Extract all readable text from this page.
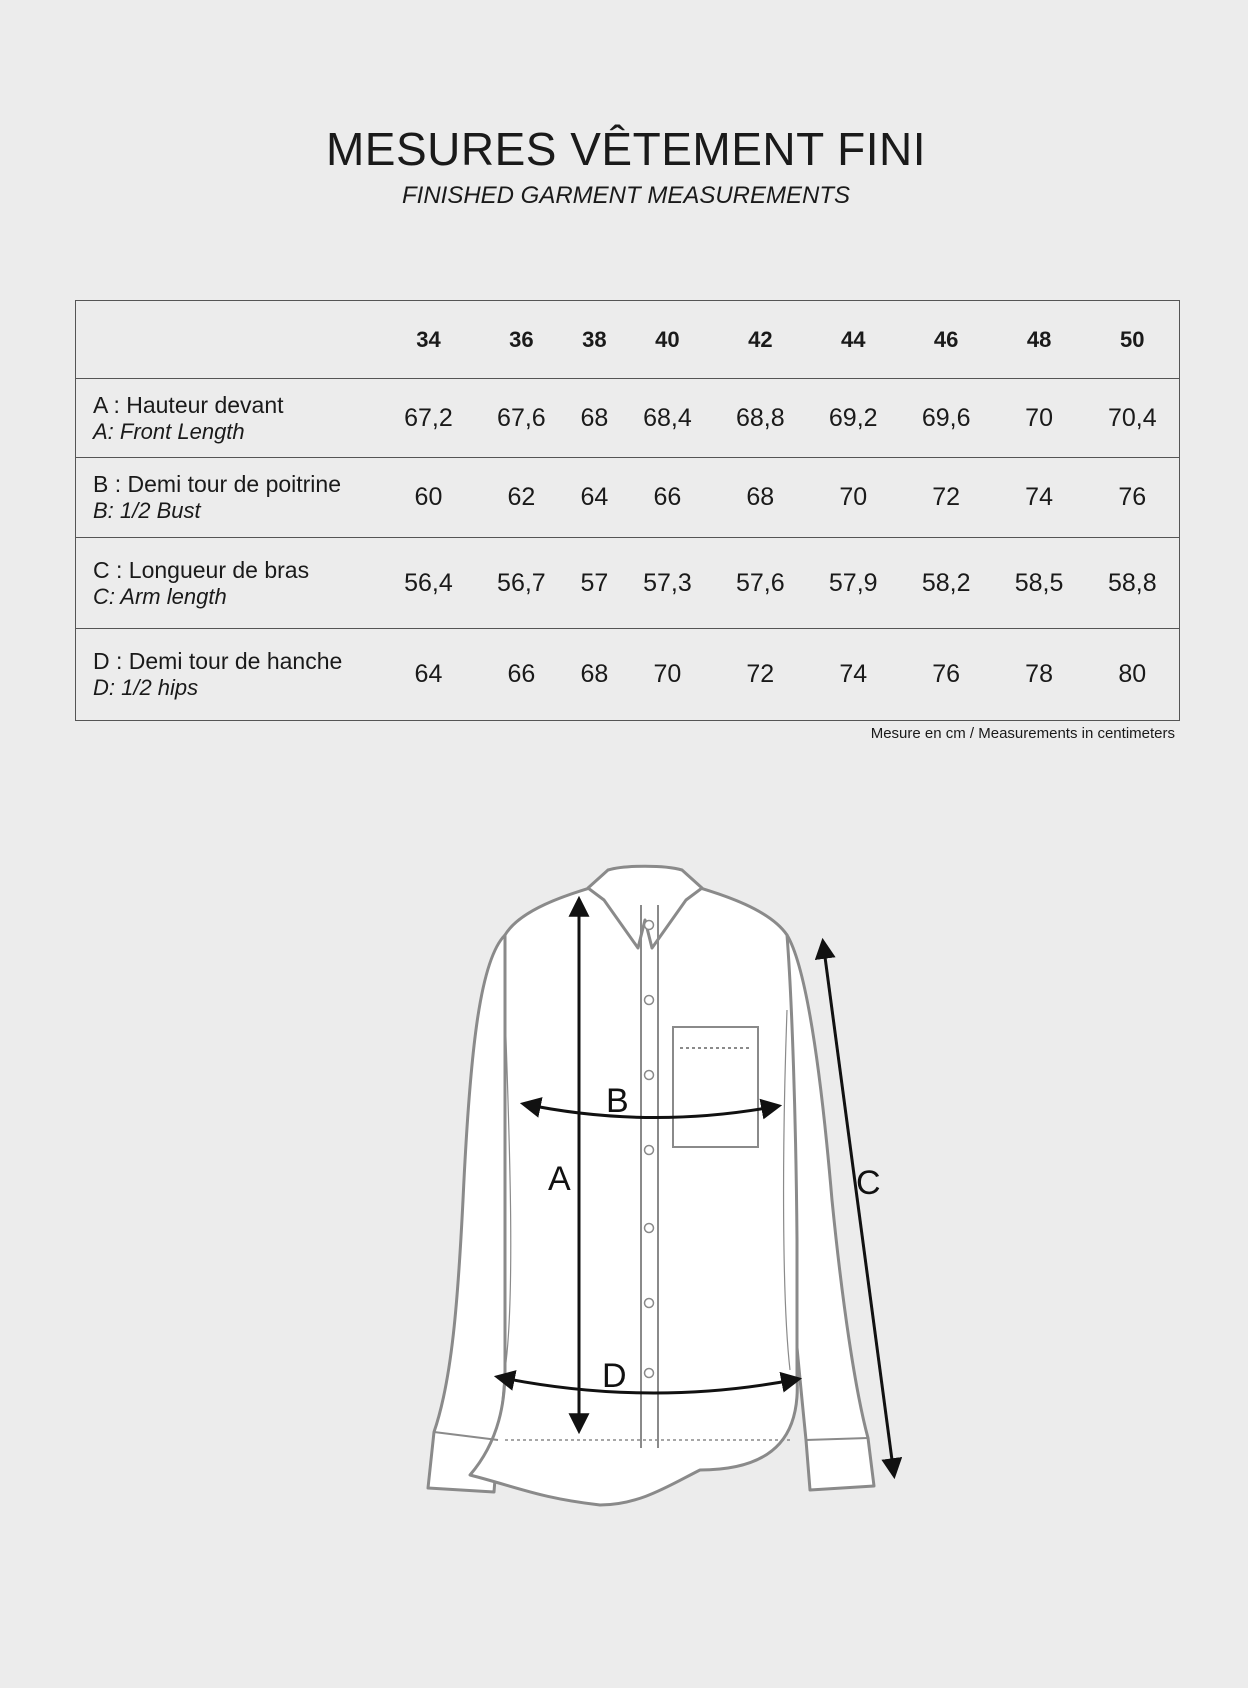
MESURES VÊTEMENT FINI
FINISHED GARMENT MEASUREMENTS
	34	36	38	40	42	44	46	48	50

A : Hauteur devant
A: Front Length	67,2	67,6	68	68,4	68,8	69,2	69,6	70	70,4

B : Demi tour de poitrine
B: 1/2 Bust	60	62	64	66	68	70	72	74	76

C : Longueur de bras
C: Arm length	56,4	56,7	57	57,3	57,6	57,9	58,2	58,5	58,8

D : Demi tour de hanche
D: 1/2 hips	64	66	68	70	72	74	76	78	80
Mesure en cm / Measurements in centimeters
A
B
C
D
